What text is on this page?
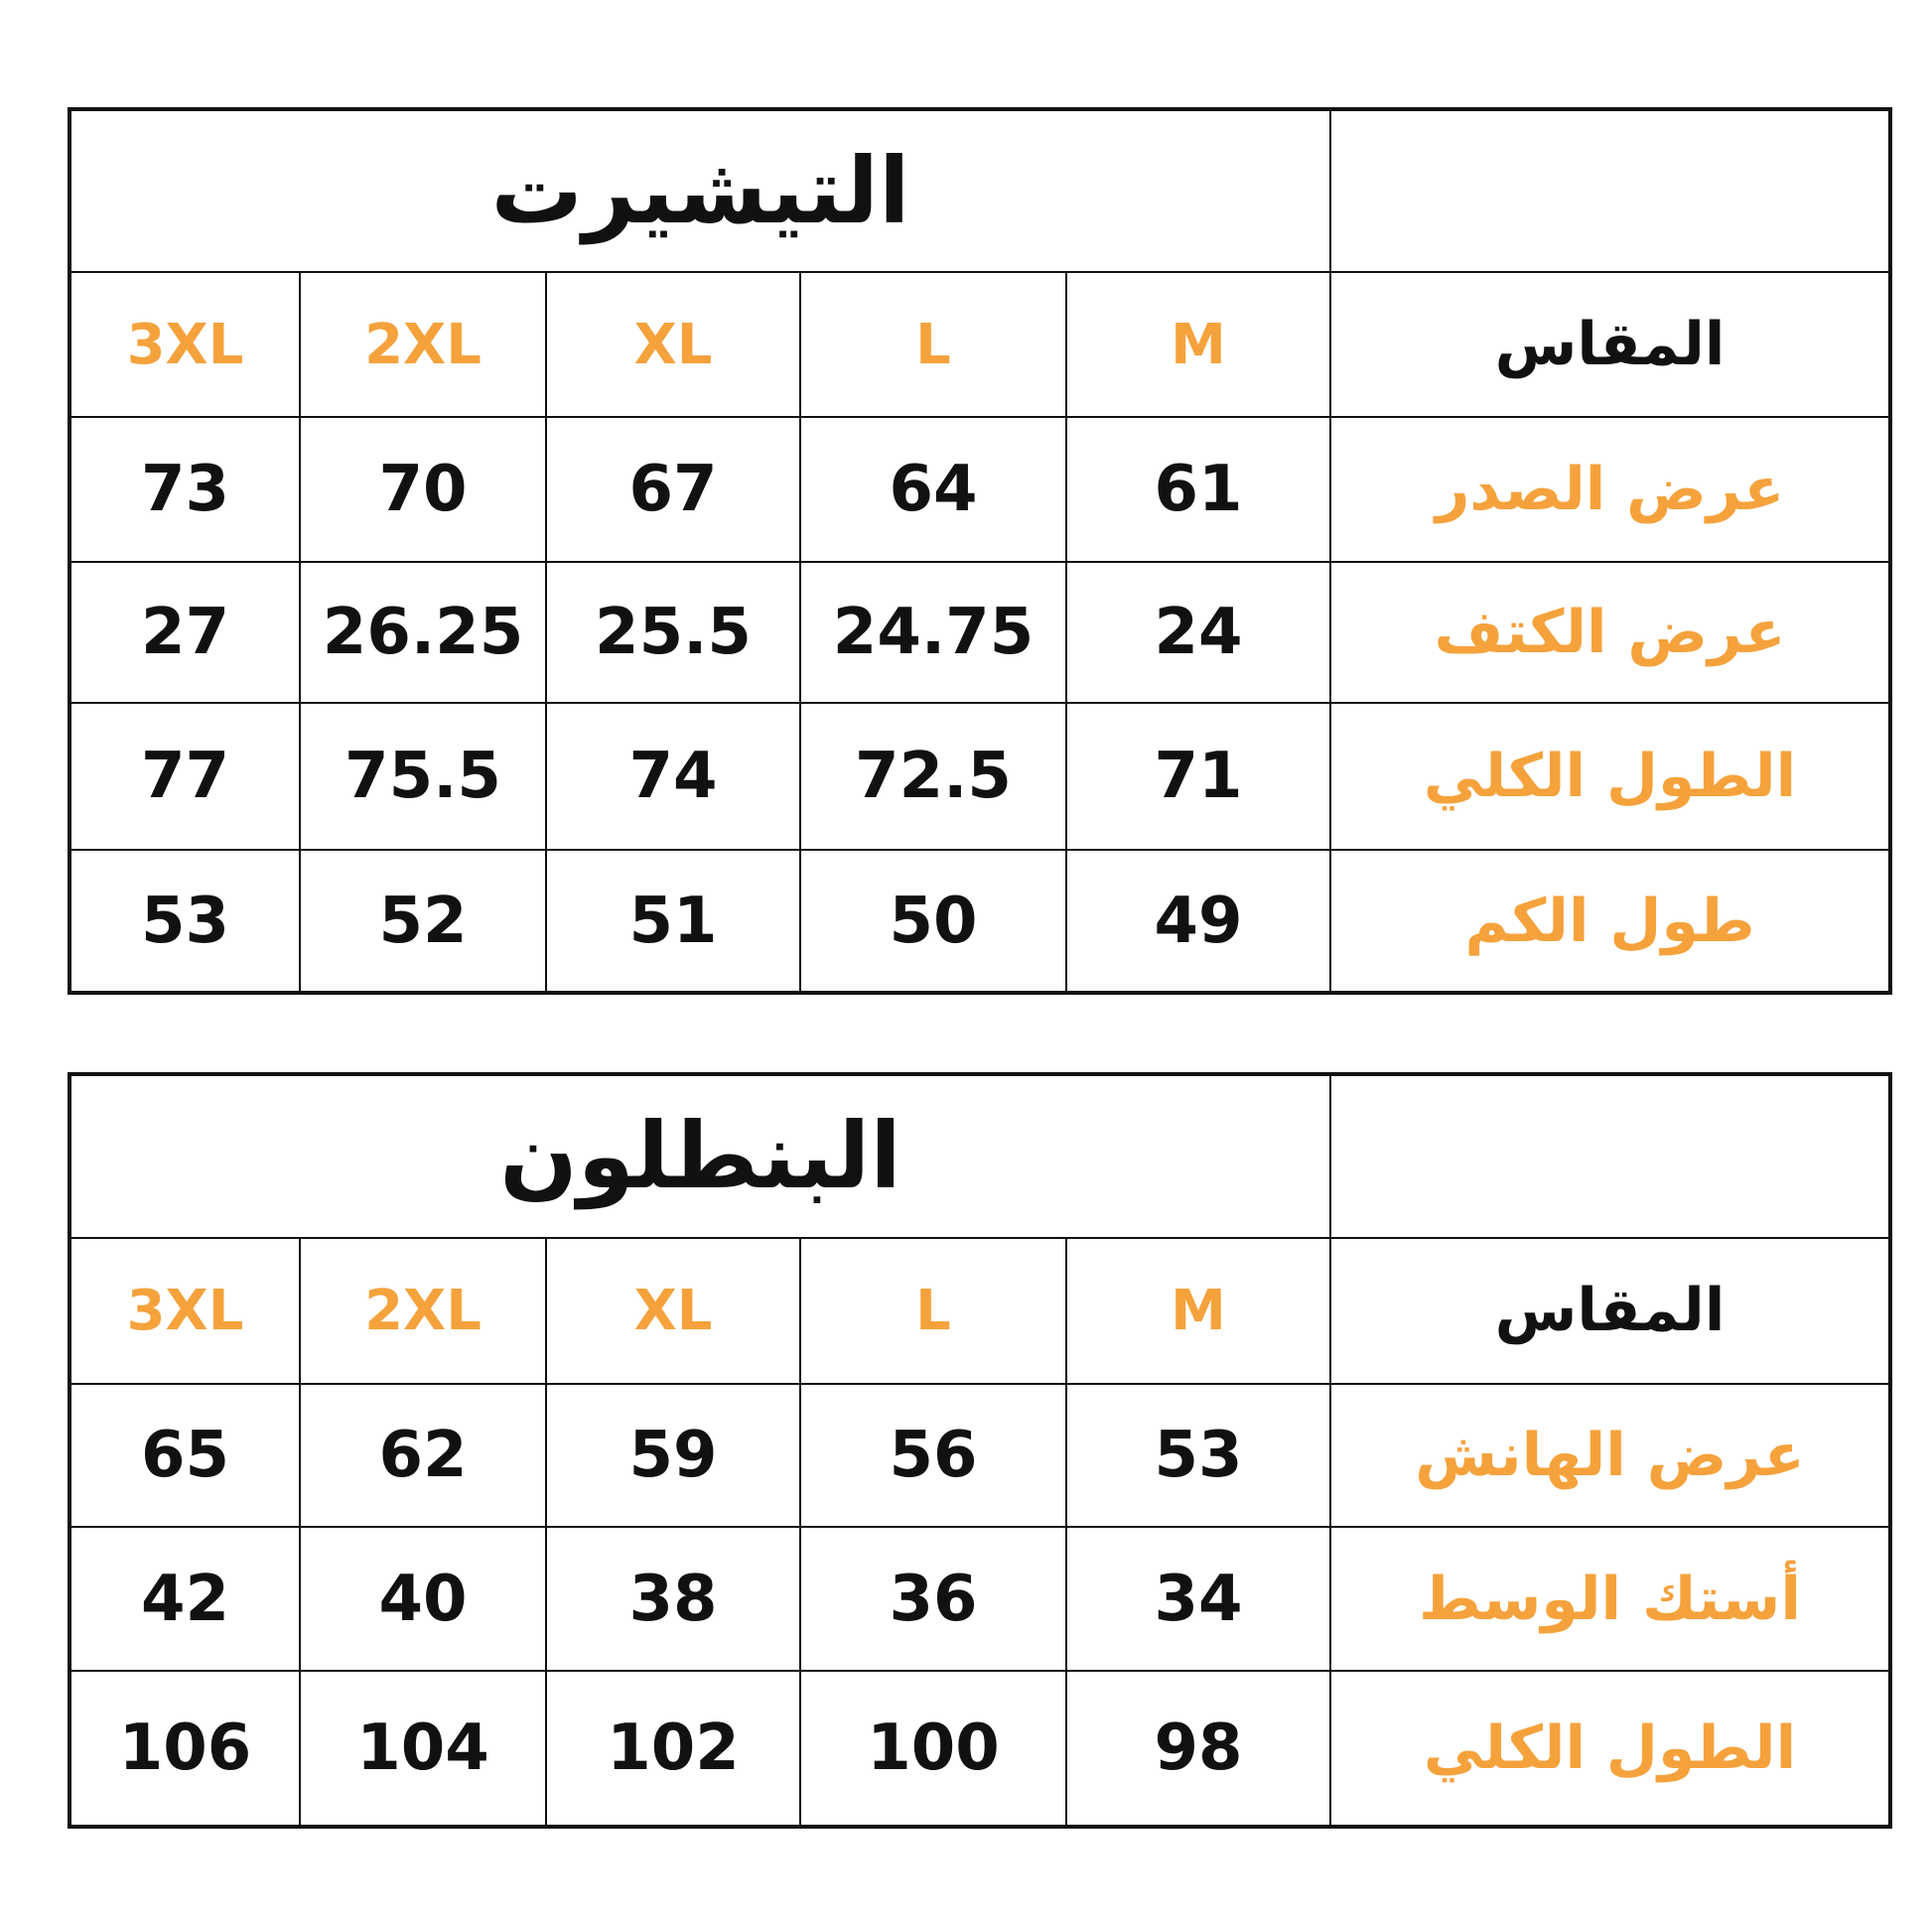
التيشيرت					
3XL	2XL	XL	L	M	المقاس
73	70	67	64	61	عرض الصدر
27	26.25	25.5	24.75	24	عرض الكتف
77	75.5	74	72.5	71	الطول الكلي
53	52	51	50	49	طول الكم
البنطلون					
3XL	2XL	XL	L	M	المقاس
65	62	59	56	53	عرض الهانش
42	40	38	36	34	أستك الوسط
106	104	102	100	98	الطول الكلي
